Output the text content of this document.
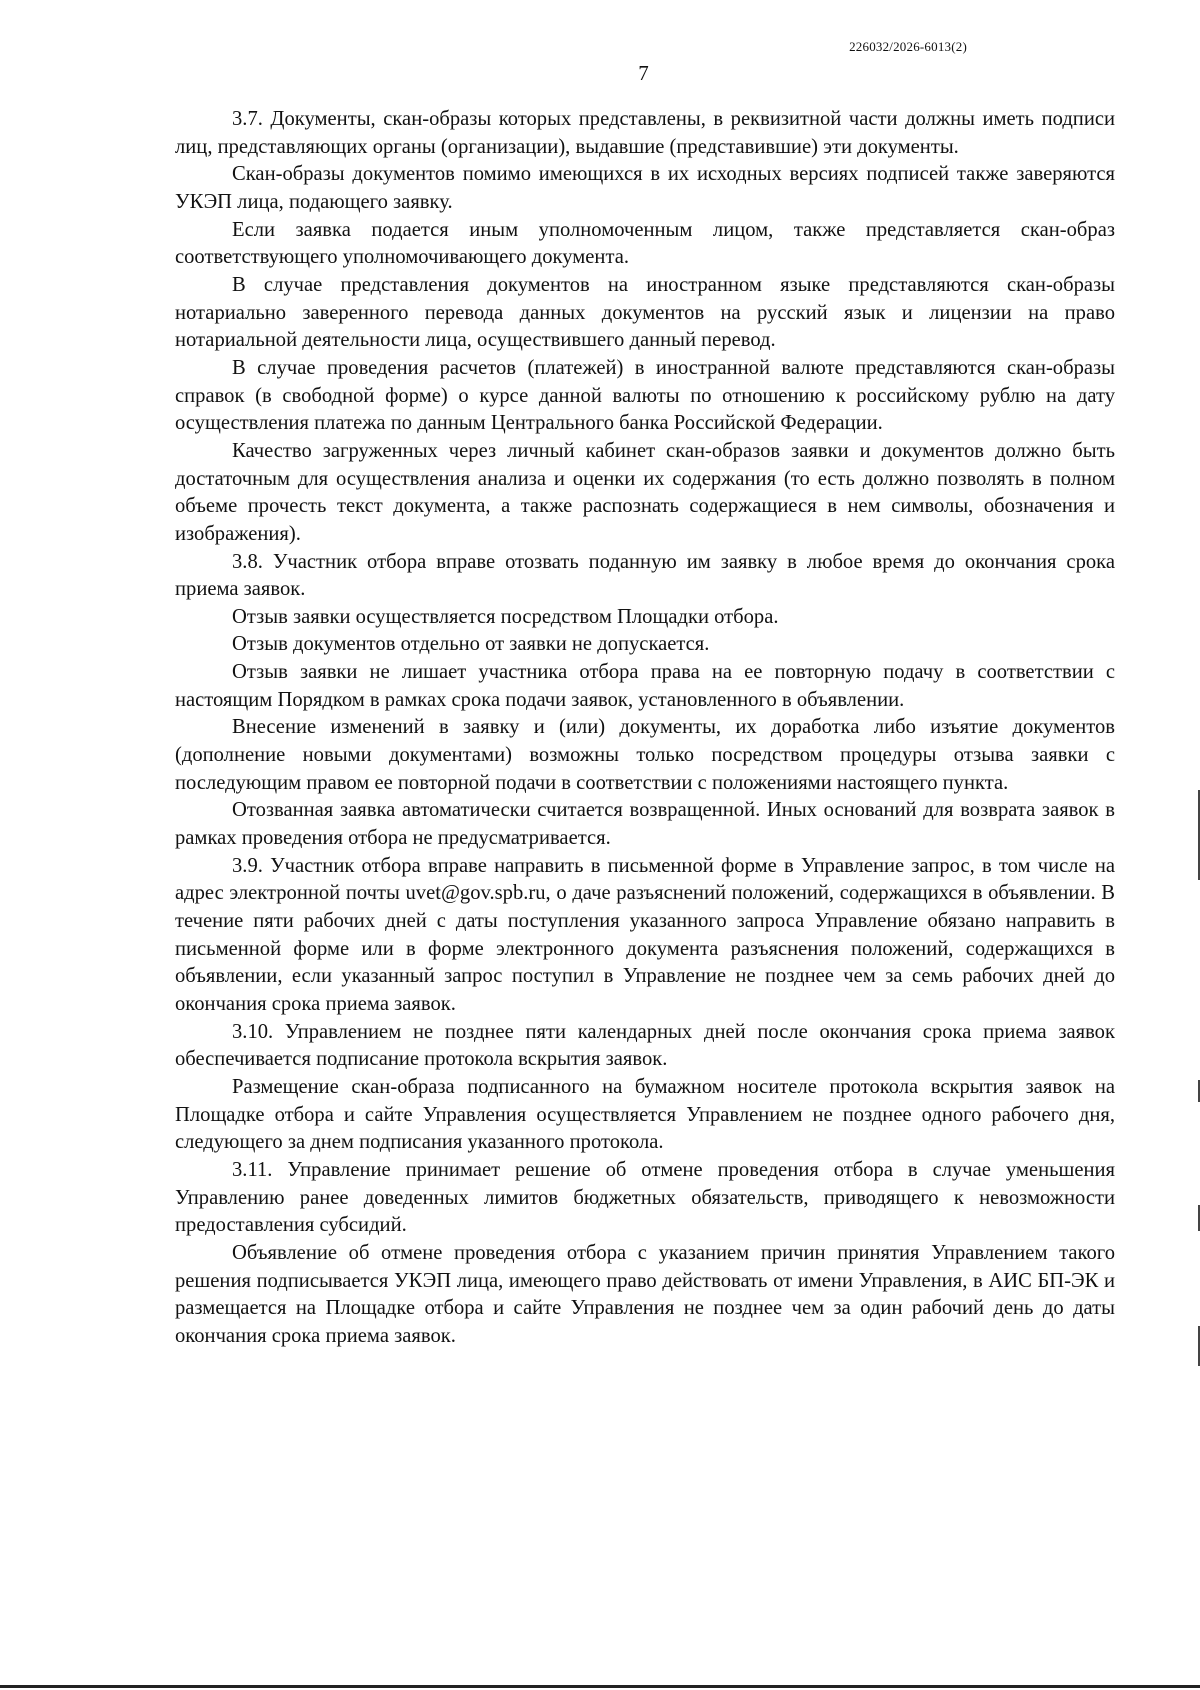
226032/2026-6013(2)
7

3.7. Документы, скан-образы которых представлены, в реквизитной части должны иметь подписи лиц, представляющих органы (организации), выдавшие (представившие) эти документы.

Скан-образы документов помимо имеющихся в их исходных версиях подписей также заверяются УКЭП лица, подающего заявку.

Если заявка подается иным уполномоченным лицом, также представляется скан-образ соответствующего уполномочивающего документа.

В случае представления документов на иностранном языке представляются скан-образы нотариально заверенного перевода данных документов на русский язык и лицензии на право нотариальной деятельности лица, осуществившего данный перевод.

В случае проведения расчетов (платежей) в иностранной валюте представляются скан-образы справок (в свободной форме) о курсе данной валюты по отношению к российскому рублю на дату осуществления платежа по данным Центрального банка Российской Федерации.

Качество загруженных через личный кабинет скан-образов заявки и документов должно быть достаточным для осуществления анализа и оценки их содержания (то есть должно позволять в полном объеме прочесть текст документа, а также распознать содержащиеся в нем символы, обозначения и изображения).

3.8. Участник отбора вправе отозвать поданную им заявку в любое время до окончания срока приема заявок.

Отзыв заявки осуществляется посредством Площадки отбора.

Отзыв документов отдельно от заявки не допускается.

Отзыв заявки не лишает участника отбора права на ее повторную подачу в соответствии с настоящим Порядком в рамках срока подачи заявок, установленного в объявлении.

Внесение изменений в заявку и (или) документы, их доработка либо изъятие документов (дополнение новыми документами) возможны только посредством процедуры отзыва заявки с последующим правом ее повторной подачи в соответствии с положениями настоящего пункта.

Отозванная заявка автоматически считается возвращенной. Иных оснований для возврата заявок в рамках проведения отбора не предусматривается.

3.9. Участник отбора вправе направить в письменной форме в Управление запрос, в том числе на адрес электронной почты uvet@gov.spb.ru, о даче разъяснений положений, содержащихся в объявлении. В течение пяти рабочих дней с даты поступления указанного запроса Управление обязано направить в письменной форме или в форме электронного документа разъяснения положений, содержащихся в объявлении, если указанный запрос поступил в Управление не позднее чем за семь рабочих дней до окончания срока приема заявок.

3.10. Управлением не позднее пяти календарных дней после окончания срока приема заявок обеспечивается подписание протокола вскрытия заявок.

Размещение скан-образа подписанного на бумажном носителе протокола вскрытия заявок на Площадке отбора и сайте Управления осуществляется Управлением не позднее одного рабочего дня, следующего за днем подписания указанного протокола.

3.11. Управление принимает решение об отмене проведения отбора в случае уменьшения Управлению ранее доведенных лимитов бюджетных обязательств, приводящего к невозможности предоставления субсидий.

Объявление об отмене проведения отбора с указанием причин принятия Управлением такого решения подписывается УКЭП лица, имеющего право действовать от имени Управления, в АИС БП-ЭК и размещается на Площадке отбора и сайте Управления не позднее чем за один рабочий день до даты окончания срока приема заявок.
